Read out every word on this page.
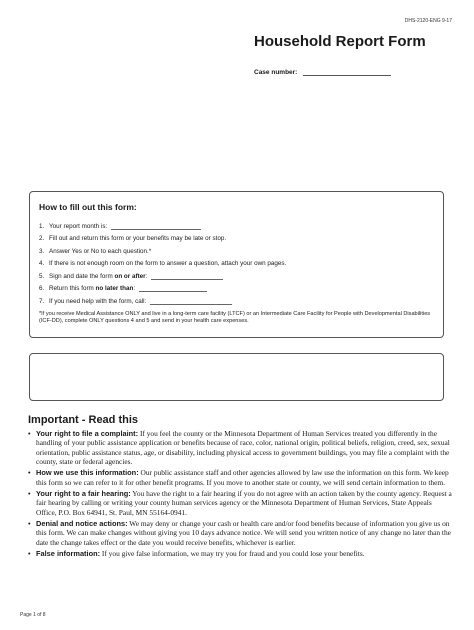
DHS-2120-ENG 9-17
Household Report Form
Case number:
How to fill out this form:
1. Your report month is:
2. Fill out and return this form or your benefits may be late or stop.
3. Answer Yes or No to each question.*
4. If there is not enough room on the form to answer a question, attach your own pages.
5. Sign and date the form on or after :
6. Return this form no later than :
7. If you need help with the form, call:
*If you receive Medical Assistance ONLY and live in a long-term care facility (LTCF) or an Intermediate Care Facility for People with Developmental Disabilities (ICF-DD), complete ONLY questions 4 and 5 and send in your health care expenses.
Important - Read this
• Your right to file a complaint: If you feel the county or the Minnesota Department of Human Services treated you differently in the handling of your public assistance application or benefits because of race, color, national origin, political beliefs, religion, creed, sex, sexual orientation, public assistance status, age, or disability, including physical access to government buildings, you may file a complaint with the county, state or federal agencies.
• How we use this information: Our public assistance staff and other agencies allowed by law use the information on this form. We keep this form so we can refer to it for other benefit programs. If you move to another state or county, we will send certain information to them.
• Your right to a fair hearing: You have the right to a fair hearing if you do not agree with an action taken by the county agency. Request a fair hearing by calling or writing your county human services agency or the Minnesota Department of Human Services, State Appeals Office, P.O. Box 64941, St. Paul, MN 55164-0941.
• Denial and notice actions: We may deny or change your cash or health care and/or food benefits because of information you give us on this form. We can make changes without giving you 10 days advance notice. We will send you written notice of any change no later than the date the change takes effect or the date you would receive benefits, whichever is earlier.
• False information: If you give false information, we may try you for fraud and you could lose your benefits.
Page 1 of 8
